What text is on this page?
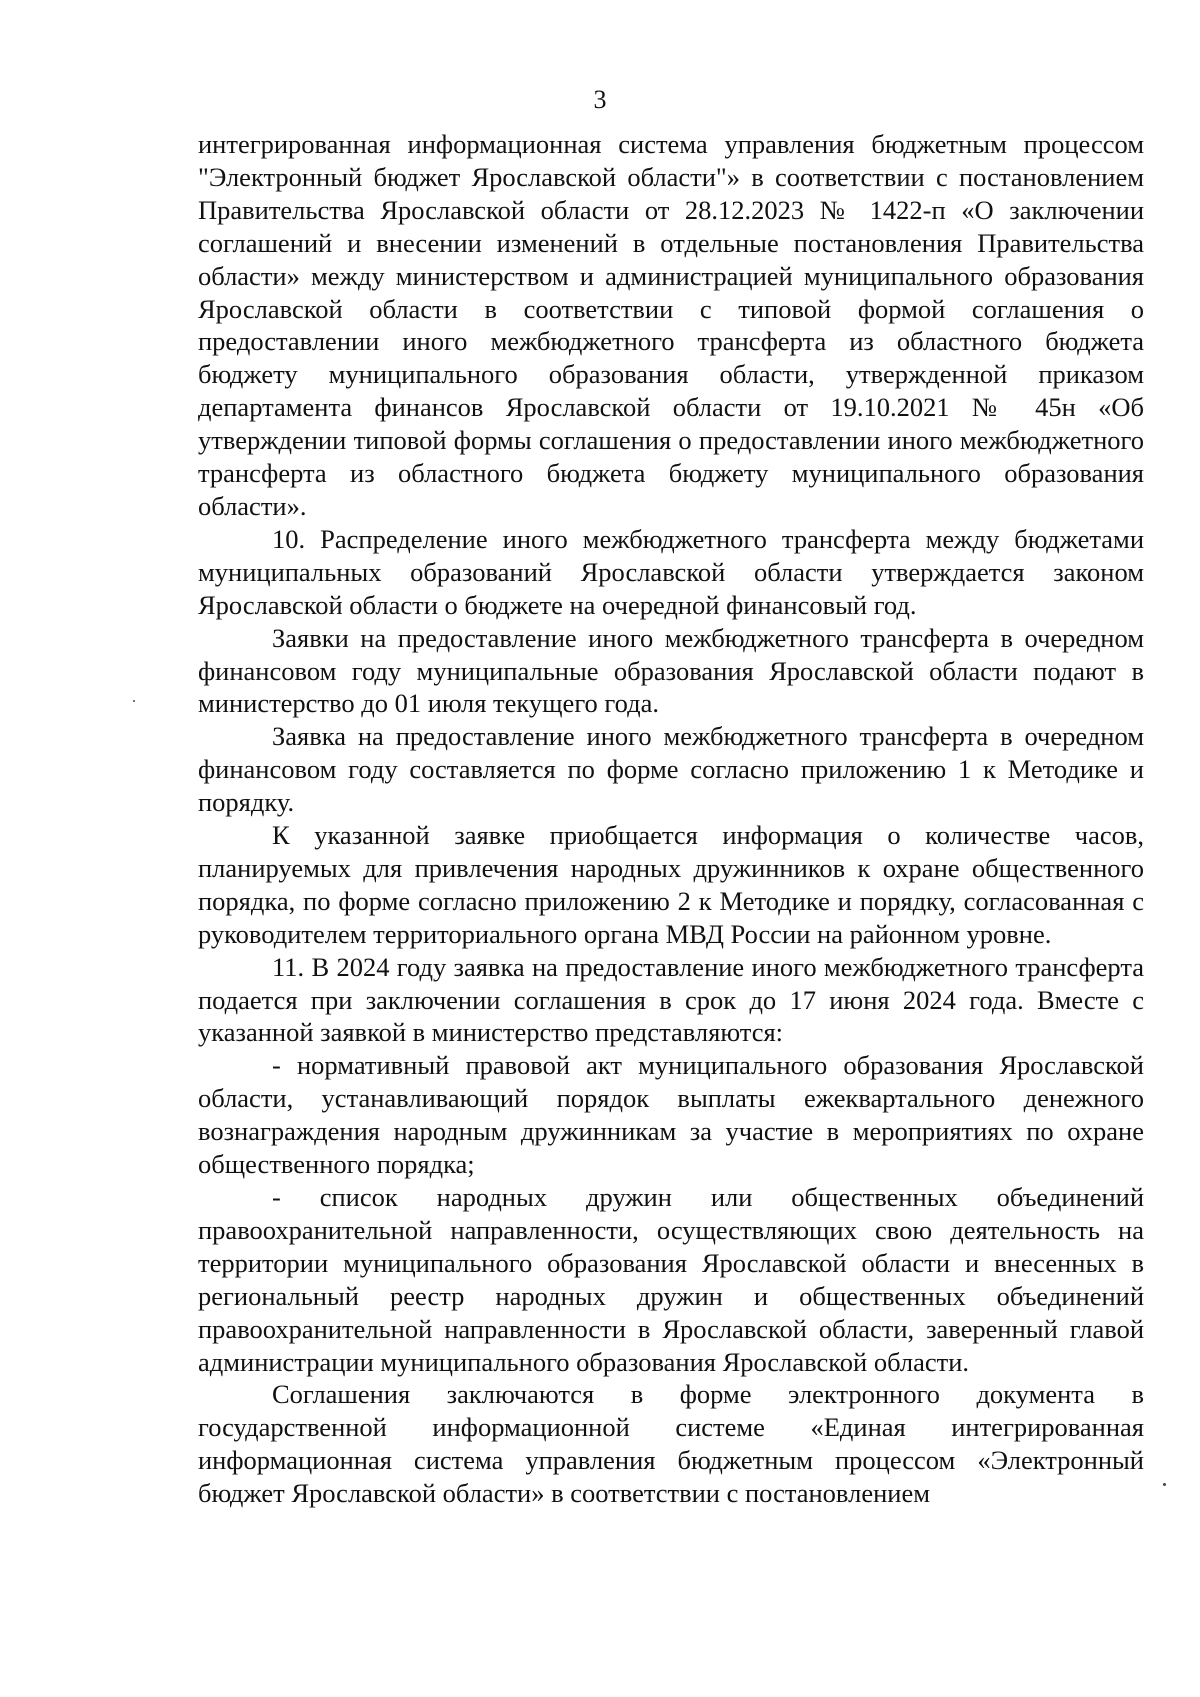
3

интегрированная информационная система управления бюджетным процессом "Электронный бюджет Ярославской области"» в соответствии с постановлением Правительства Ярославской области от 28.12.2023 № 1422-п «О заключении соглашений и внесении изменений в отдельные постановления Правительства области» между министерством и администрацией муниципального образования Ярославской области в соответствии с типовой формой соглашения о предоставлении иного межбюджетного трансферта из областного бюджета бюджету муниципального образования области, утвержденной приказом департамента финансов Ярославской области от 19.10.2021 № 45н «Об утверждении типовой формы соглашения о предоставлении иного межбюджетного трансферта из областного бюджета бюджету муниципального образования области».

10. Распределение иного межбюджетного трансферта между бюджетами муниципальных образований Ярославской области утверждается законом Ярославской области о бюджете на очередной финансовый год.

Заявки на предоставление иного межбюджетного трансферта в очередном финансовом году муниципальные образования Ярославской области подают в министерство до 01 июля текущего года.

Заявка на предоставление иного межбюджетного трансферта в очередном финансовом году составляется по форме согласно приложению 1 к Методике и порядку.

К указанной заявке приобщается информация о количестве часов, планируемых для привлечения народных дружинников к охране общественного порядка, по форме согласно приложению 2 к Методике и порядку, согласованная с руководителем территориального органа МВД России на районном уровне.

11. В 2024 году заявка на предоставление иного межбюджетного трансферта подается при заключении соглашения в срок до 17 июня 2024 года. Вместе с указанной заявкой в министерство представляются:

- нормативный правовой акт муниципального образования Ярославской области, устанавливающий порядок выплаты ежеквартального денежного вознаграждения народным дружинникам за участие в мероприятиях по охране общественного порядка;

- список народных дружин или общественных объединений правоохранительной направленности, осуществляющих свою деятельность на территории муниципального образования Ярославской области и внесенных в региональный реестр народных дружин и общественных объединений правоохранительной направленности в Ярославской области, заверенный главой администрации муниципального образования Ярославской области.

Соглашения заключаются в форме электронного документа в государственной информационной системе «Единая интегрированная информационная система управления бюджетным процессом «Электронный бюджет Ярославской области» в соответствии с постановлением
